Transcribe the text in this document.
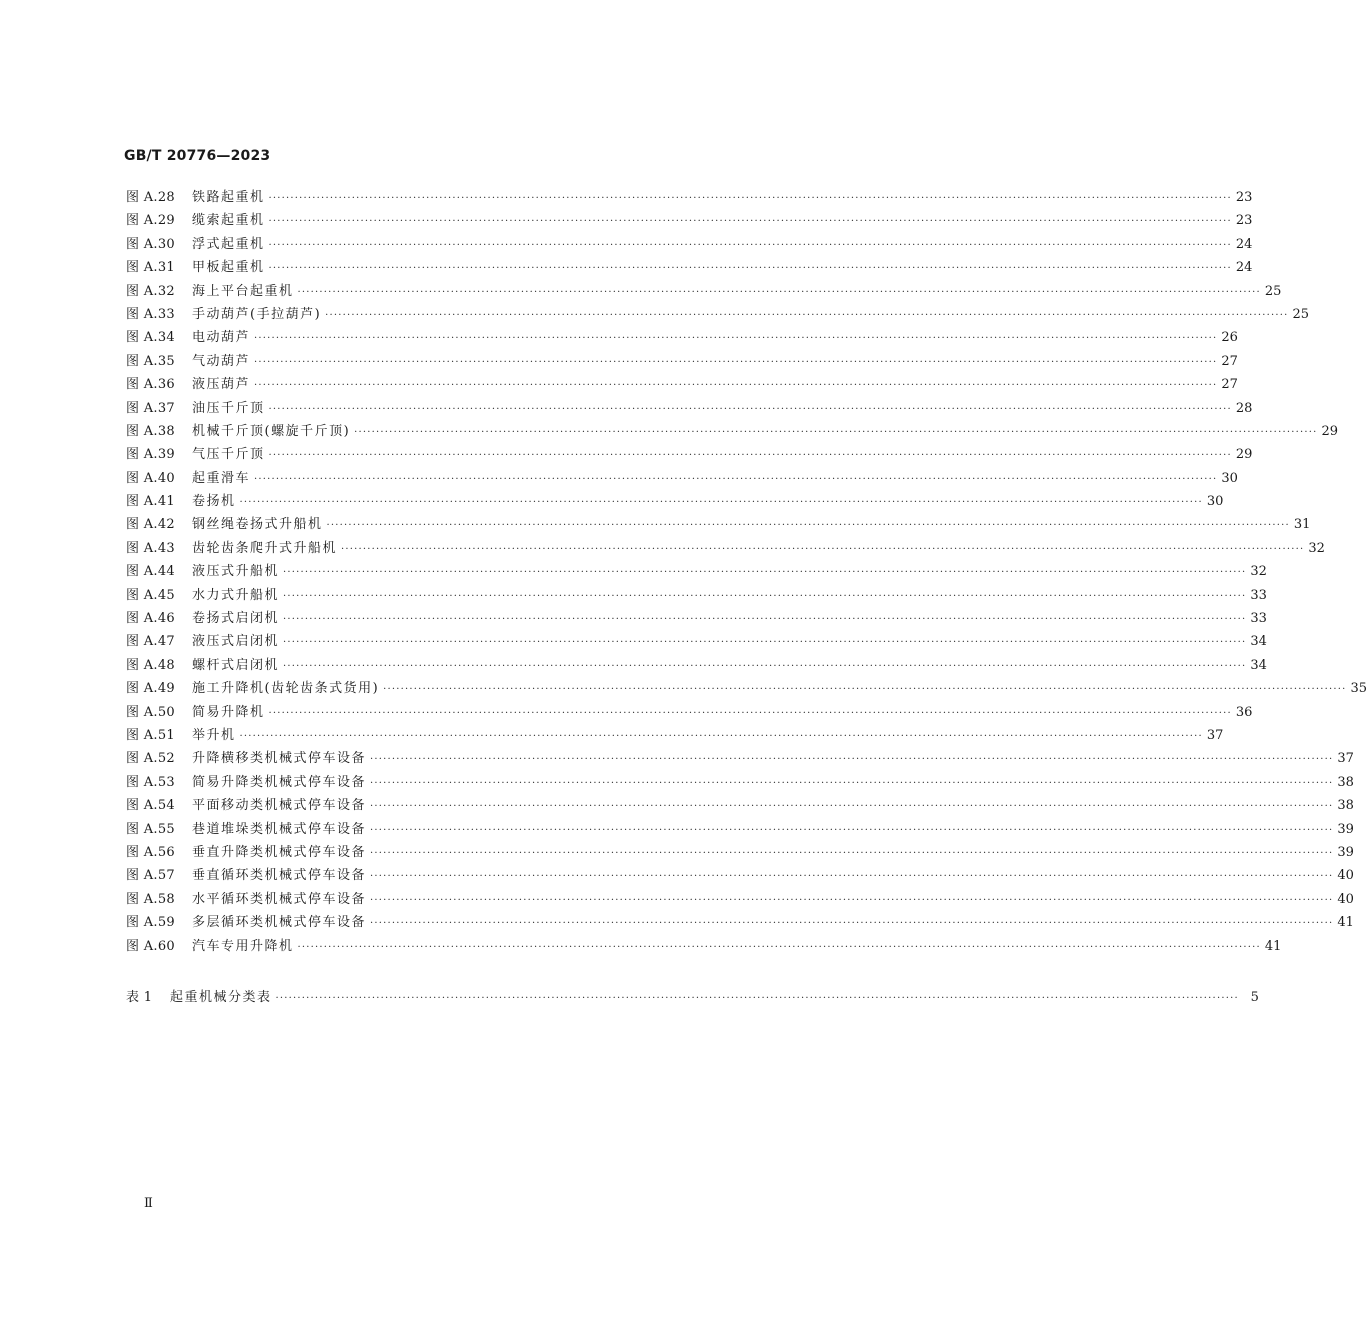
GB/T 20776—2023
图 A.28	铁路起重机 ···························································································································································································································· 23
图 A.29	缆索起重机 ···························································································································································································································· 23
图 A.30	浮式起重机 ···························································································································································································································· 24
图 A.31	甲板起重机 ···························································································································································································································· 24
图 A.32	海上平台起重机 ···························································································································································································································· 25
图 A.33	手动葫芦(手拉葫芦) ···························································································································································································································· 25
图 A.34	电动葫芦 ···························································································································································································································· 26
图 A.35	气动葫芦 ···························································································································································································································· 27
图 A.36	液压葫芦 ···························································································································································································································· 27
图 A.37	油压千斤顶 ···························································································································································································································· 28
图 A.38	机械千斤顶(螺旋千斤顶) ···························································································································································································································· 29
图 A.39	气压千斤顶 ···························································································································································································································· 29
图 A.40	起重滑车 ···························································································································································································································· 30
图 A.41	卷扬机 ···························································································································································································································· 30
图 A.42	钢丝绳卷扬式升船机 ···························································································································································································································· 31
图 A.43	齿轮齿条爬升式升船机 ···························································································································································································································· 32
图 A.44	液压式升船机 ···························································································································································································································· 32
图 A.45	水力式升船机 ···························································································································································································································· 33
图 A.46	卷扬式启闭机 ···························································································································································································································· 33
图 A.47	液压式启闭机 ···························································································································································································································· 34
图 A.48	螺杆式启闭机 ···························································································································································································································· 34
图 A.49	施工升降机(齿轮齿条式货用) ···························································································································································································································· 35
图 A.50	简易升降机 ···························································································································································································································· 36
图 A.51	举升机 ···························································································································································································································· 37
图 A.52	升降横移类机械式停车设备 ···························································································································································································································· 37
图 A.53	简易升降类机械式停车设备 ···························································································································································································································· 38
图 A.54	平面移动类机械式停车设备 ···························································································································································································································· 38
图 A.55	巷道堆垛类机械式停车设备 ···························································································································································································································· 39
图 A.56	垂直升降类机械式停车设备 ···························································································································································································································· 39
图 A.57	垂直循环类机械式停车设备 ···························································································································································································································· 40
图 A.58	水平循环类机械式停车设备 ···························································································································································································································· 40
图 A.59	多层循环类机械式停车设备 ···························································································································································································································· 41
图 A.60	汽车专用升降机 ···························································································································································································································· 41
表 1	起重机械分类表 ···························································································································································································································· 5
Ⅱ
